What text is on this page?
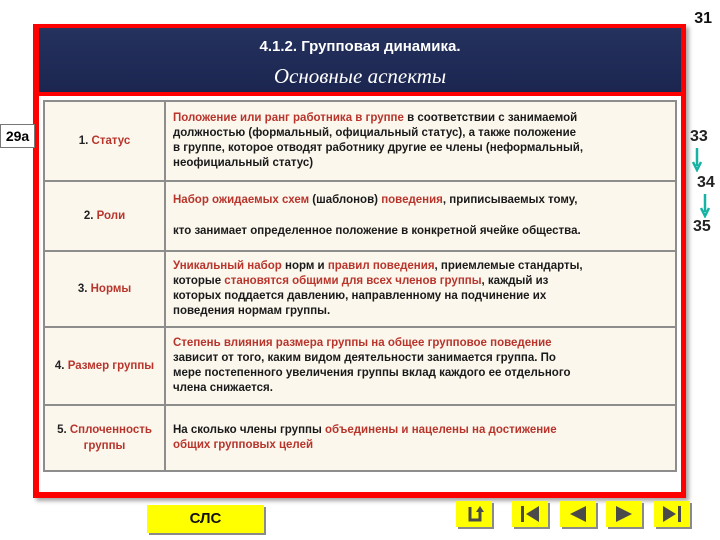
31
4.1.2. Групповая динамика.
Основные аспекты
1. Статус	Положение или ранг работника в группе в соответствии с занимаемой
должностью (формальный, официальный статус), а также положение
в группе, которое отводят работнику другие ее члены (неформальный,
неофициальный статус)

2. Роли	Набор ожидаемых схем (шаблонов) поведения, приписываемых тому,
кто занимает определенное положение в конкретной ячейке общества.

3. Нормы	Уникальный набор норм и правил поведения, приемлемые стандарты,
которые становятся общими для всех членов группы, каждый из
которых поддается давлению, направленному на подчинение их
поведения нормам группы.

4. Размер группы	Степень влияния размера группы на общее групповое поведение
зависит от того, каким видом деятельности занимается группа. По
мере постепенного увеличения группы вклад каждого ее отдельного
члена снижается.

5. Сплоченность группы	На сколько члены группы объединены и нацелены на достижение
общих групповых целей
29a	33
34
35
СЛС
